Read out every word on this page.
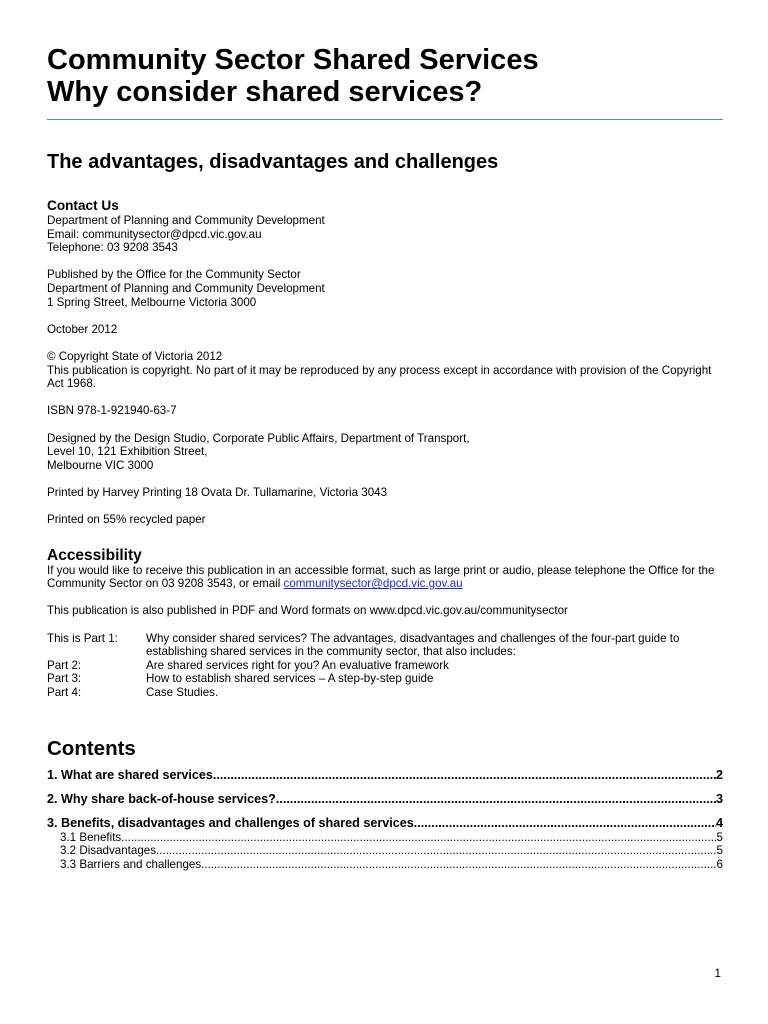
Community Sector Shared Services
Why consider shared services?
The advantages, disadvantages and challenges
Contact Us

Department of Planning and Community Development

Email: communitysector@dpcd.vic.gov.au

Telephone: 03 9208 3543

Published by the Office for the Community Sector

Department of Planning and Community Development

1 Spring Street, Melbourne Victoria 3000

October 2012

© Copyright State of Victoria 2012

This publication is copyright. No part of it may be reproduced by any process except in accordance with provision of the Copyright Act 1968.

ISBN 978-1-921940-63-7

Designed by the Design Studio, Corporate Public Affairs, Department of Transport,

Level 10, 121 Exhibition Street,

Melbourne VIC 3000

Printed by Harvey Printing 18 Ovata Dr. Tullamarine, Victoria 3043

Printed on 55% recycled paper

Accessibility

If you would like to receive this publication in an accessible format, such as large print or audio, please telephone the Office for the Community Sector on 03 9208 3543, or email communitysector@dpcd.vic.gov.au

This publication is also published in PDF and Word formats on www.dpcd.vic.gov.au/communitysector

This is Part 1:	Why consider shared services? The advantages, disadvantages and challenges of the four-part guide to establishing shared services in the community sector, that also includes:
Part 2:	Are shared services right for you? An evaluative framework
Part 3:	How to establish shared services – A step-by-step guide
Part 4:	Case Studies.
Contents
1. What are shared services .....	2
2. Why share back-of-house services? .....	3
3. Benefits, disadvantages and challenges of shared services .....	4
3.1 Benefits .....	5
3.2 Disadvantages .....	5
3.3 Barriers and challenges .....	6
1
